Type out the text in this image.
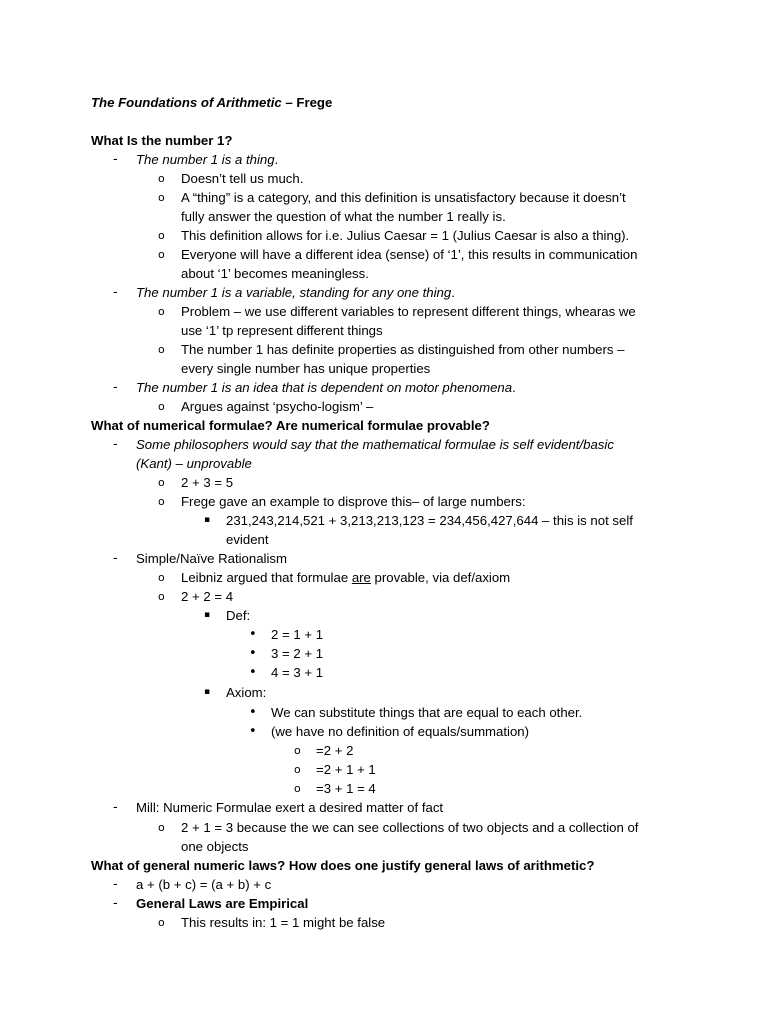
The Foundations of Arithmetic – Frege
What Is the number 1?
- The number 1 is a thing.
o Doesn’t tell us much.
o A “thing” is a category, and this definition is unsatisfactory because it doesn’t
fully answer the question of what the number 1 really is.
o This definition allows for i.e. Julius Caesar = 1 (Julius Caesar is also a thing).
o Everyone will have a different idea (sense) of ‘1’, this results in communication
about ‘1’ becomes meaningless.
- The number 1 is a variable, standing for any one thing.
o Problem – we use different variables to represent different things, whearas we
use ‘1’ tp represent different things
o The number 1 has definite properties as distinguished from other numbers –
every single number has unique properties
- The number 1 is an idea that is dependent on motor phenomena.
o Argues against ‘psycho-logism’ –
What of numerical formulae? Are numerical formulae provable?
- Some philosophers would say that the mathematical formulae is self evident/basic
(Kant) – unprovable
o 2 + 3 = 5
o Frege gave an example to disprove this– of large numbers:
▪ 231,243,214,521 + 3,213,213,123 = 234,456,427,644 – this is not self
evident
- Simple/Naïve Rationalism
o Leibniz argued that formulae are provable, via def/axiom
o 2 + 2 = 4
▪ Def:
• 2 = 1 + 1
• 3 = 2 + 1
• 4 = 3 + 1
▪ Axiom:
• We can substitute things that are equal to each other.
• (we have no definition of equals/summation)
o =2 + 2
o =2 + 1 + 1
o =3 + 1 = 4
- Mill: Numeric Formulae exert a desired matter of fact
o 2 + 1 = 3 because the we can see collections of two objects and a collection of
one objects
What of general numeric laws? How does one justify general laws of arithmetic?
- a + (b + c) = (a + b) + c
- General Laws are Empirical
o This results in: 1 = 1 might be false
